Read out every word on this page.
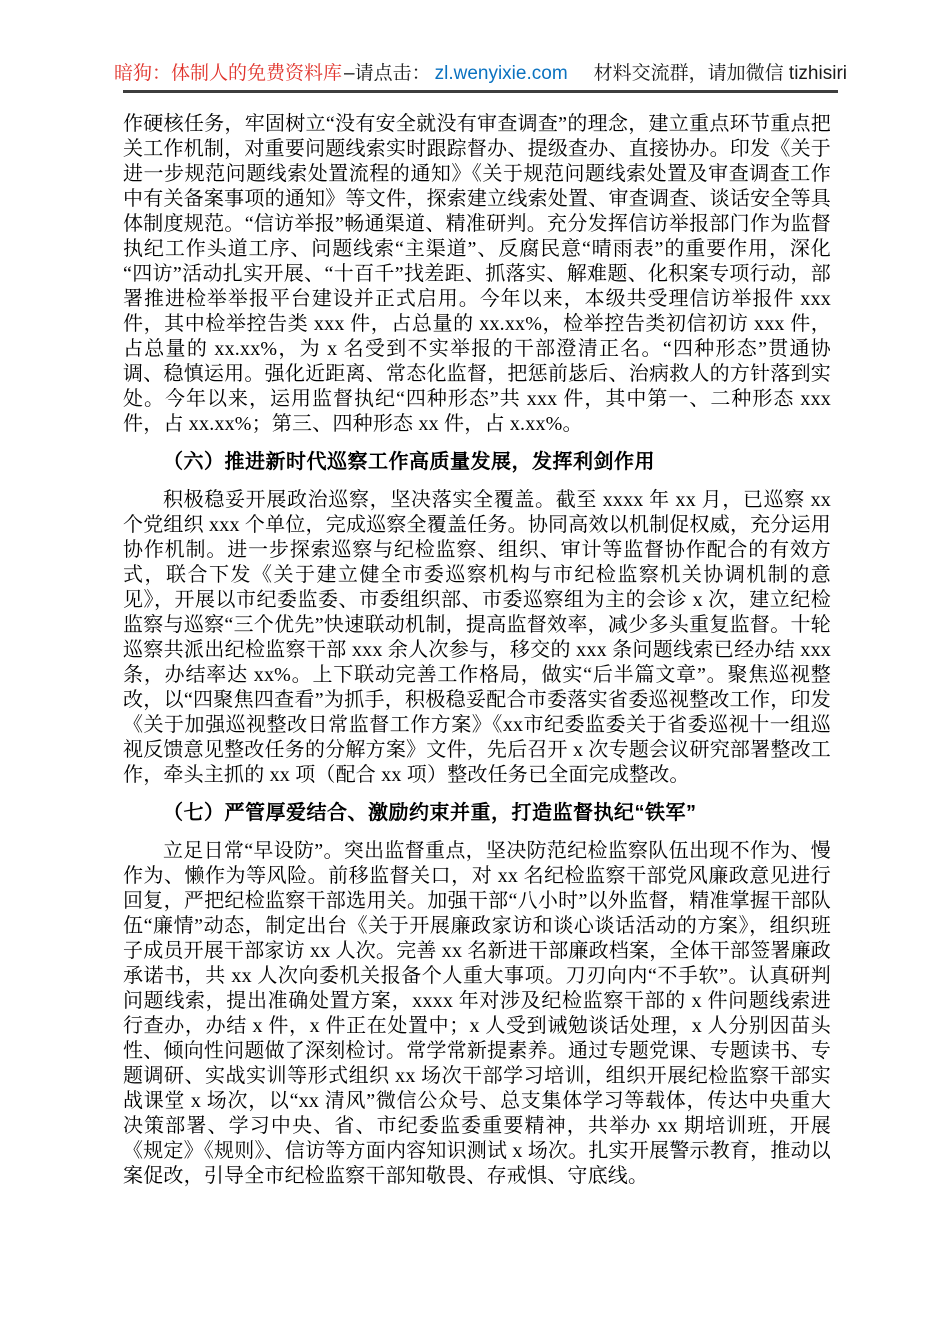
暗狗：体制人的免费资料库 –请点击： zl.wenyixie.com 材料交流群，请加微信 tizhisiri

作硬核任务，牢固树立“没有安全就没有审查调查”的理念，建立重点环节重点把关工作机制，对重要问题线索实时跟踪督办、提级查办、直接协办。印发《关于进一步规范问题线索处置流程的通知》《关于规范问题线索处置及审查调查工作中有关备案事项的通知》等文件，探索建立线索处置、审查调查、谈话安全等具体制度规范。“信访举报”畅通渠道、精准研判。充分发挥信访举报部门作为监督执纪工作头道工序、问题线索“主渠道”、反腐民意“晴雨表”的重要作用，深化“四访”活动扎实开展、“十百千”找差距、抓落实、解难题、化积案专项行动，部署推进检举举报平台建设并正式启用。今年以来，本级共受理信访举报件 xxx 件，其中检举控告类 xxx 件，占总量的 xx.xx%，检举控告类初信初访 xxx 件，占总量的 xx.xx%，为 x 名受到不实举报的干部澄清正名。“四种形态”贯通协调、稳慎运用。强化近距离、常态化监督，把惩前毖后、治病救人的方针落到实处。今年以来，运用监督执纪“四种形态”共 xxx 件，其中第一、二种形态 xxx 件，占 xx.xx%；第三、四种形态 xx 件，占 x.xx%。

（六）推进新时代巡察工作高质量发展，发挥利剑作用

积极稳妥开展政治巡察，坚决落实全覆盖。截至 xxxx 年 xx 月，已巡察 xx 个党组织 xxx 个单位，完成巡察全覆盖任务。协同高效以机制促权威，充分运用协作机制。进一步探索巡察与纪检监察、组织、审计等监督协作配合的有效方式，联合下发《关于建立健全市委巡察机构与市纪检监察机关协调机制的意见》，开展以市纪委监委、市委组织部、市委巡察组为主的会诊 x 次，建立纪检监察与巡察“三个优先”快速联动机制，提高监督效率，减少多头重复监督。十轮巡察共派出纪检监察干部 xxx 余人次参与，移交的 xxx 条问题线索已经办结 xxx 条，办结率达 xx%。上下联动完善工作格局，做实“后半篇文章”。聚焦巡视整改，以“四聚焦四查看”为抓手，积极稳妥配合市委落实省委巡视整改工作，印发《关于加强巡视整改日常监督工作方案》《xx市纪委监委关于省委巡视十一组巡视反馈意见整改任务的分解方案》文件，先后召开 x 次专题会议研究部署整改工作，牵头主抓的 xx 项（配合 xx 项）整改任务已全面完成整改。

（七）严管厚爱结合、激励约束并重，打造监督执纪“铁军”

立足日常“早设防”。突出监督重点，坚决防范纪检监察队伍出现不作为、慢作为、懒作为等风险。前移监督关口，对 xx 名纪检监察干部党风廉政意见进行回复，严把纪检监察干部选用关。加强干部“八小时”以外监督，精准掌握干部队伍“廉情”动态，制定出台《关于开展廉政家访和谈心谈话活动的方案》，组织班子成员开展干部家访 xx 人次。完善 xx 名新进干部廉政档案，全体干部签署廉政承诺书，共 xx 人次向委机关报备个人重大事项。刀刃向内“不手软”。认真研判问题线索，提出准确处置方案，xxxx 年对涉及纪检监察干部的 x 件问题线索进行查办，办结 x 件，x 件正在处置中；x 人受到诫勉谈话处理，x 人分别因苗头性、倾向性问题做了深刻检讨。常学常新提素养。通过专题党课、专题读书、专题调研、实战实训等形式组织 xx 场次干部学习培训，组织开展纪检监察干部实战课堂 x 场次，以“xx 清风”微信公众号、总支集体学习等载体，传达中央重大决策部署、学习中央、省、市纪委监委重要精神，共举办 xx 期培训班，开展《规定》《规则》、信访等方面内容知识测试 x 场次。扎实开展警示教育，推动以案促改，引导全市纪检监察干部知敬畏、存戒惧、守底线。
